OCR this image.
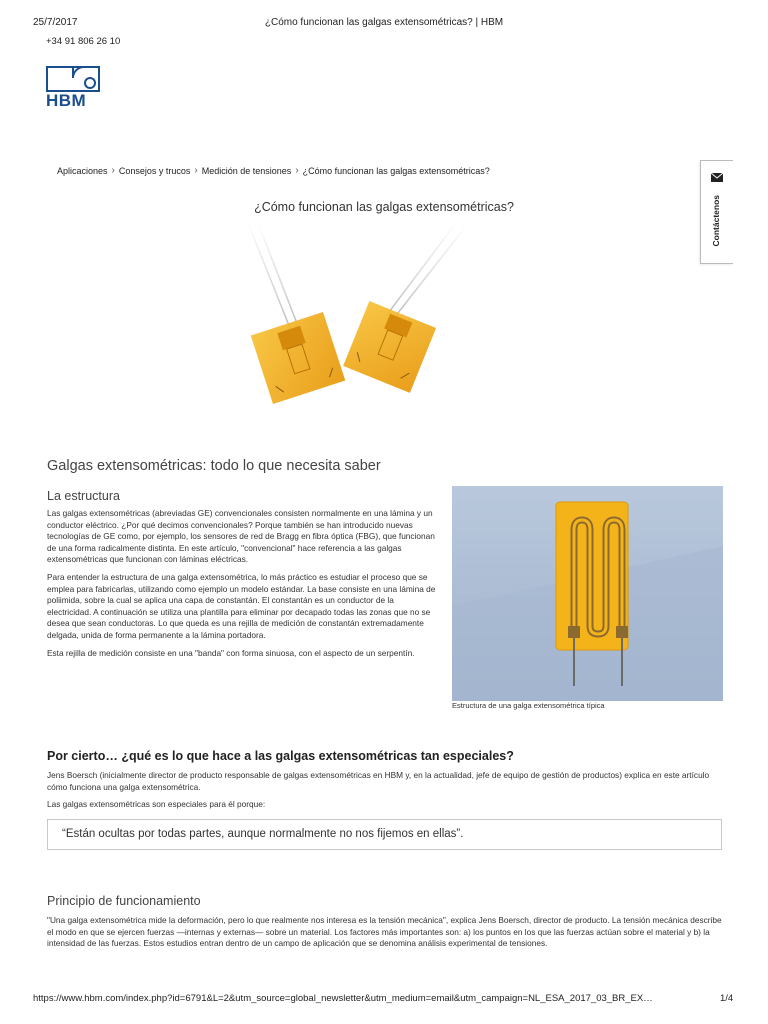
25/7/2017	¿Cómo funcionan las galgas extensométricas? | HBM
+34 91 806 26 10
HBM
Aplicaciones › Consejos y trucos › Medición de tensiones › ¿Cómo funcionan las galgas extensométricas?
Contáctenos
¿Cómo funcionan las galgas extensométricas?
Galgas extensométricas: todo lo que necesita saber
La estructura

Las galgas extensométricas (abreviadas GE) convencionales consisten normalmente en una lámina y un conductor eléctrico. ¿Por qué decimos convencionales? Porque también se han introducido nuevas tecnologías de GE como, por ejemplo, los sensores de red de Bragg en fibra óptica (FBG), que funcionan de una forma radicalmente distinta. En este artículo, "convencional" hace referencia a las galgas extensométricas que funcionan con láminas eléctricas.

Para entender la estructura de una galga extensométrica, lo más práctico es estudiar el proceso que se emplea para fabricarlas, utilizando como ejemplo un modelo estándar. La base consiste en una lámina de poliimida, sobre la cual se aplica una capa de constantán. El constantán es un conductor de la electricidad. A continuación se utiliza una plantilla para eliminar por decapado todas las zonas que no se desea que sean conductoras. Lo que queda es una rejilla de medición de constantán extremadamente delgada, unida de forma permanente a la lámina portadora.

Esta rejilla de medición consiste en una "banda" con forma sinuosa, con el aspecto de un serpentín.

Estructura de una galga extensométrica típica
Por cierto… ¿qué es lo que hace a las galgas extensométricas tan especiales?

Jens Boersch (inicialmente director de producto responsable de galgas extensométricas en HBM y, en la actualidad, jefe de equipo de gestión de productos) explica en este artículo cómo funciona una galga extensométrica.

Las galgas extensométricas son especiales para él porque:

“Están ocultas por todas partes, aunque normalmente no nos fijemos en ellas”.
Principio de funcionamiento

"Una galga extensométrica mide la deformación, pero lo que realmente nos interesa es la tensión mecánica", explica Jens Boersch, director de producto. La tensión mecánica describe el modo en que se ejercen fuerzas —internas y externas— sobre un material. Los factores más importantes son: a) los puntos en los que las fuerzas actúan sobre el material y b) la intensidad de las fuerzas. Estos estudios entran dentro de un campo de aplicación que se denomina análisis experimental de tensiones.

https://www.hbm.com/index.php?id=6791&L=2&utm_source=global_newsletter&utm_medium=email&utm_campaign=NL_ESA_2017_03_BR_EX…	1/4
